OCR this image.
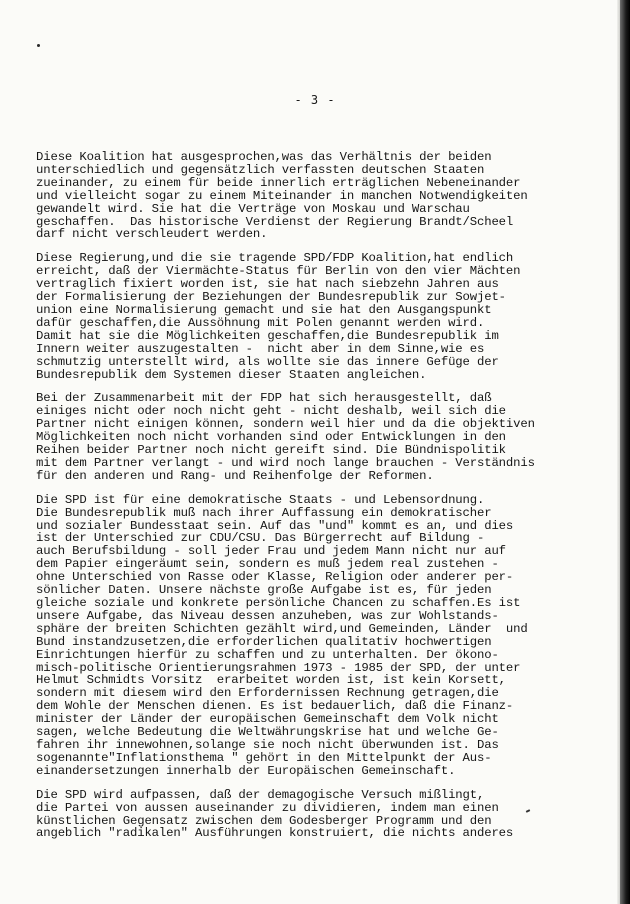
- 3 -
Diese Koalition hat ausgesprochen,was das Verhältnis der beiden
unterschiedlich und gegensätzlich verfassten deutschen Staaten
zueinander, zu einem für beide innerlich erträglichen Nebeneinander
und vielleicht sogar zu einem Miteinander in manchen Notwendigkeiten
gewandelt wird. Sie hat die Verträge von Moskau und Warschau
geschaffen.  Das historische Verdienst der Regierung Brandt/Scheel
darf nicht verschleudert werden.
Diese Regierung,und die sie tragende SPD/FDP Koalition,hat endlich
erreicht, daß der Viermächte-Status für Berlin von den vier Mächten
vertraglich fixiert worden ist, sie hat nach siebzehn Jahren aus
der Formalisierung der Beziehungen der Bundesrepublik zur Sowjet-
union eine Normalisierung gemacht und sie hat den Ausgangspunkt
dafür geschaffen,die Aussöhnung mit Polen genannt werden wird.
Damit hat sie die Möglichkeiten geschaffen,die Bundesrepublik im
Innern weiter auszugestalten -  nicht aber in dem Sinne,wie es
schmutzig unterstellt wird, als wollte sie das innere Gefüge der
Bundesrepublik dem Systemen dieser Staaten angleichen.
Bei der Zusammenarbeit mit der FDP hat sich herausgestellt, daß
einiges nicht oder noch nicht geht - nicht deshalb, weil sich die
Partner nicht einigen können, sondern weil hier und da die objektiven
Möglichkeiten noch nicht vorhanden sind oder Entwicklungen in den
Reihen beider Partner noch nicht gereift sind. Die Bündnispolitik
mit dem Partner verlangt - und wird noch lange brauchen - Verständnis
für den anderen und Rang- und Reihenfolge der Reformen.
Die SPD ist für eine demokratische Staats - und Lebensordnung.
Die Bundesrepublik muß nach ihrer Auffassung ein demokratischer
und sozialer Bundesstaat sein. Auf das "und" kommt es an, und dies
ist der Unterschied zur CDU/CSU. Das Bürgerrecht auf Bildung -
auch Berufsbildung - soll jeder Frau und jedem Mann nicht nur auf
dem Papier eingeräumt sein, sondern es muß jedem real zustehen -
ohne Unterschied von Rasse oder Klasse, Religion oder anderer per-
sönlicher Daten. Unsere nächste große Aufgabe ist es, für jeden
gleiche soziale und konkrete persönliche Chancen zu schaffen.Es ist
unsere Aufgabe, das Niveau dessen anzuheben, was zur Wohlstands-
sphäre der breiten Schichten gezählt wird,und Gemeinden, Länder  und
Bund instandzusetzen,die erforderlichen qualitativ hochwertigen
Einrichtungen hierfür zu schaffen und zu unterhalten. Der ökono-
misch-politische Orientierungsrahmen 1973 - 1985 der SPD, der unter
Helmut Schmidts Vorsitz  erarbeitet worden ist, ist kein Korsett,
sondern mit diesem wird den Erfordernissen Rechnung getragen,die
dem Wohle der Menschen dienen. Es ist bedauerlich, daß die Finanz-
minister der Länder der europäischen Gemeinschaft dem Volk nicht
sagen, welche Bedeutung die Weltwährungskrise hat und welche Ge-
fahren ihr innewohnen,solange sie noch nicht überwunden ist. Das
sogenannte"Inflationsthema " gehört in den Mittelpunkt der Aus-
einandersetzungen innerhalb der Europäischen Gemeinschaft.
Die SPD wird aufpassen, daß der demagogische Versuch mißlingt,
die Partei von aussen auseinander zu dividieren, indem man einen
künstlichen Gegensatz zwischen dem Godesberger Programm und den
angeblich "radikalen" Ausführungen konstruiert, die nichts anderes
